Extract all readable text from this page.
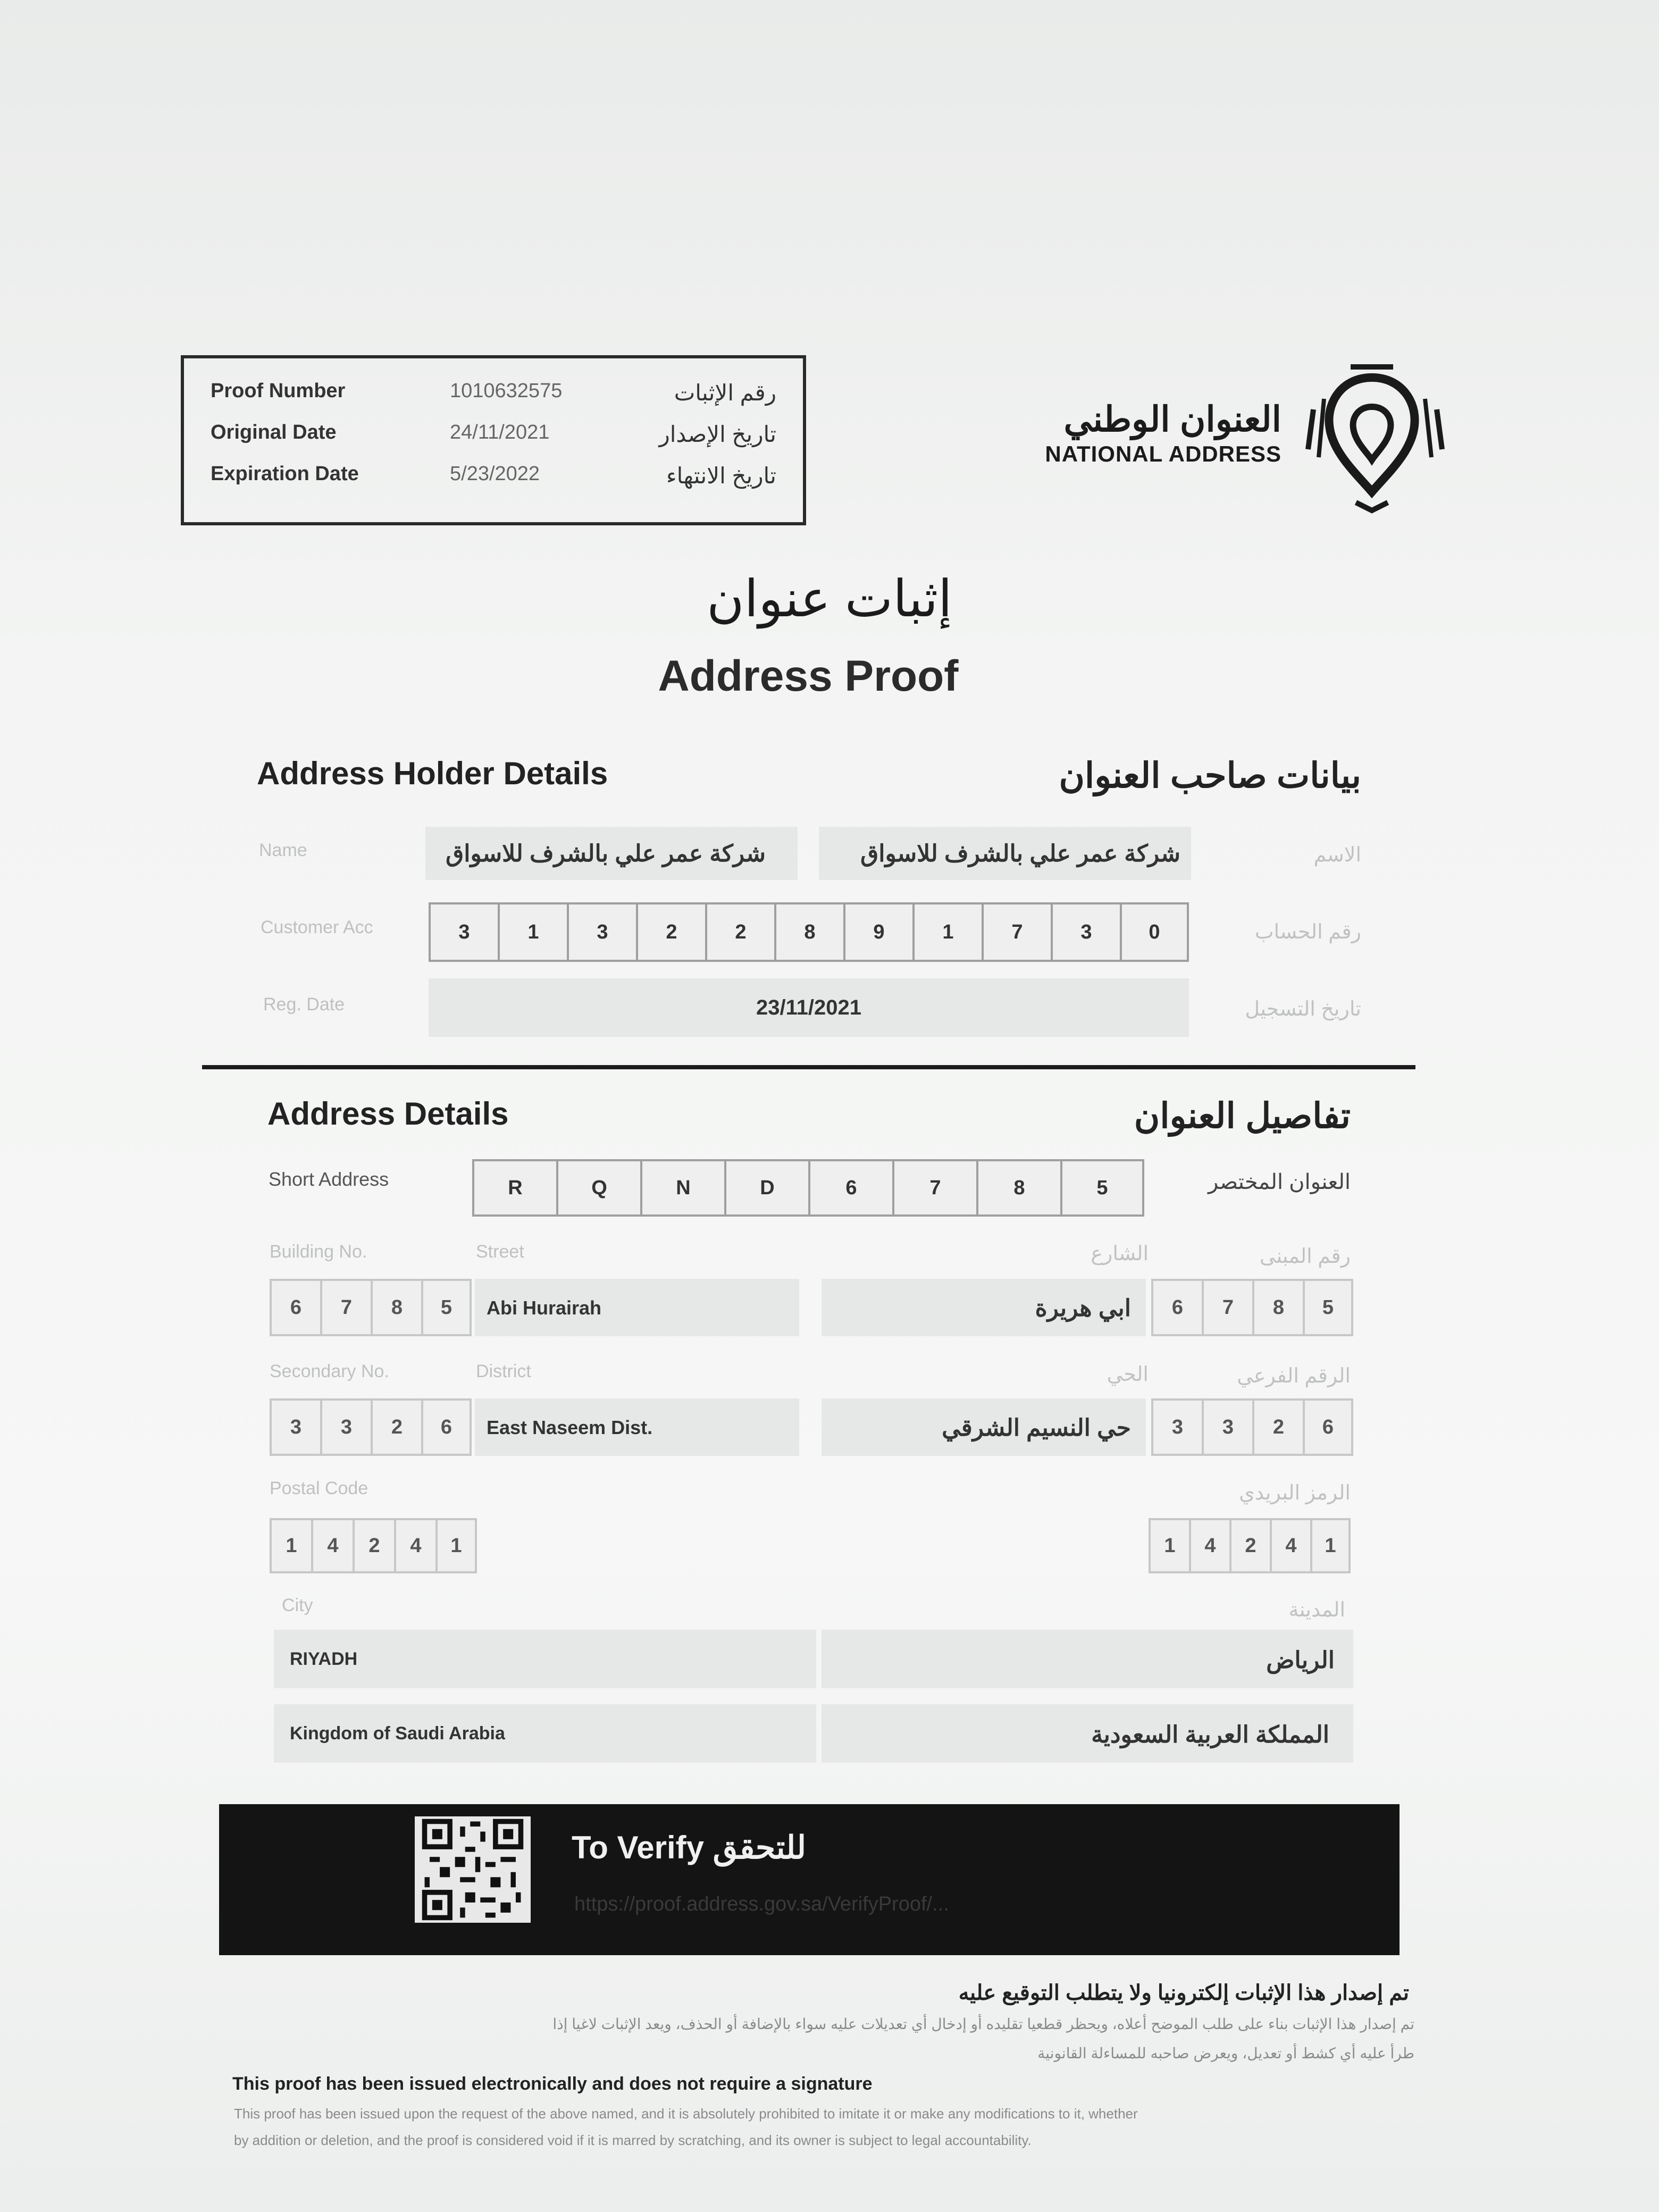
Proof Number	1010632575	رقم الإثبات
Original Date	24/11/2021	تاريخ الإصدار
Expiration Date	5/23/2022	تاريخ الانتهاء
العنوان الوطني
NATIONAL ADDRESS
إثبات عنوان
Address Proof
Address Holder Details	بيانات صاحب العنوان
Name	شركة عمر علي بالشرف للاسواق	شركة عمر علي بالشرف للاسواق	الاسم
Customer Acc	3	1	3	2	2	8	9	1	7	3	0	رقم الحساب
Reg. Date	23/11/2021	تاريخ التسجيل
Address Details	تفاصيل العنوان
Short Address	R	Q	N	D	6	7	8	5	العنوان المختصر
Building No.	Street	الشارع	رقم المبنى
6	7	8	5	Abi Hurairah	ابي هريرة	6	7	8	5
Secondary No.	District	الحي	الرقم الفرعي
3	3	2	6	East Naseem Dist.	حي النسيم الشرقي	3	3	2	6
Postal Code	الرمز البريدي
1	4	2	4	1	1	4	2	4	1
City	المدينة
RIYADH	الرياض
Kingdom of Saudi Arabia	المملكة العربية السعودية
To Verify للتحقق
https://proof.address.gov.sa/VerifyProof/...
تم إصدار هذا الإثبات إلكترونيا ولا يتطلب التوقيع عليه
تم إصدار هذا الإثبات بناء على طلب الموضح أعلاه، ويحظر قطعيا تقليده أو إدخال أي تعديلات عليه سواء بالإضافة أو الحذف، ويعد الإثبات لاغيا إذا
طرأ عليه أي كشط أو تعديل، ويعرض صاحبه للمساءلة القانونية
This proof has been issued electronically and does not require a signature
This proof has been issued upon the request of the above named, and it is absolutely prohibited to imitate it or make any modifications to it, whether
by addition or deletion, and the proof is considered void if it is marred by scratching, and its owner is subject to legal accountability.
